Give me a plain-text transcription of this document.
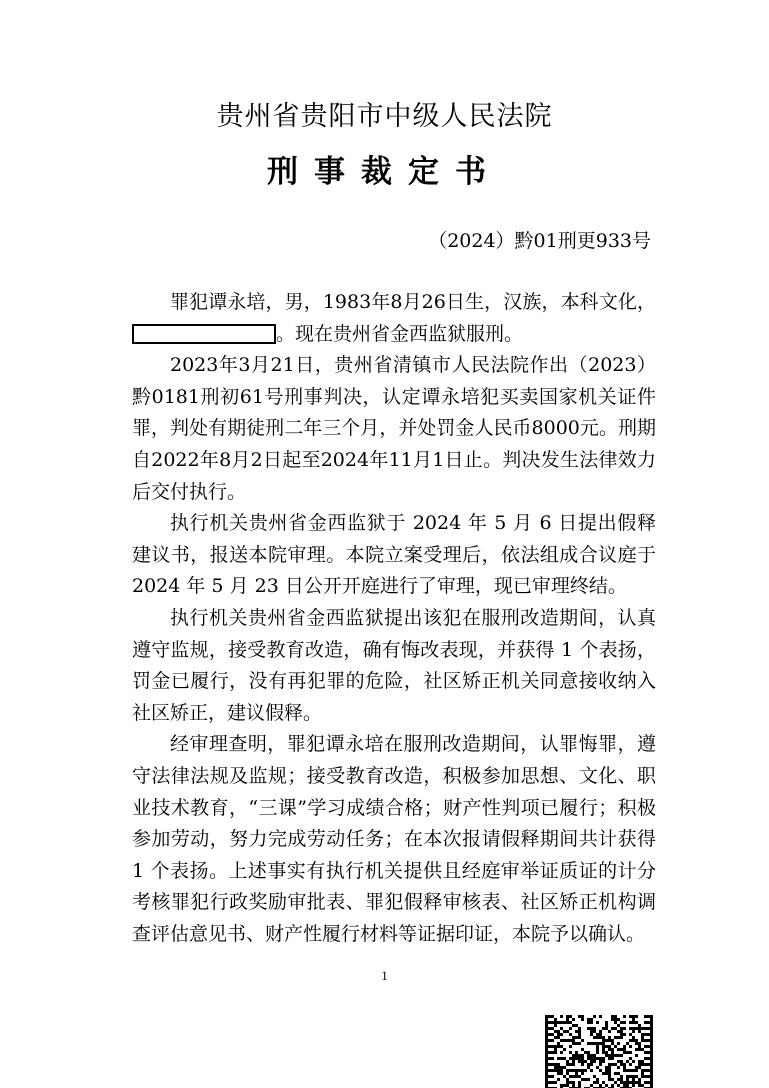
贵州省贵阳市中级人民法院
刑事裁定书
（2024）黔01刑更933号

罪犯谭永培，男，1983年8月26日生，汉族，本科文化，。现在贵州省金西监狱服刑。

2023年3月21日，贵州省清镇市人民法院作出（2023）黔0181刑初61号刑事判决，认定谭永培犯买卖国家机关证件罪，判处有期徒刑二年三个月，并处罚金人民币8000元。刑期自2022年8月2日起至2024年11月1日止。判决发生法律效力后交付执行。

执行机关贵州省金西监狱于 2024 年 5 月 6 日提出假释建议书，报送本院审理。本院立案受理后，依法组成合议庭于 2024 年 5 月 23 日公开开庭进行了审理，现已审理终结。

执行机关贵州省金西监狱提出该犯在服刑改造期间，认真遵守监规，接受教育改造，确有悔改表现，并获得 1 个表扬，罚金已履行，没有再犯罪的危险，社区矫正机关同意接收纳入社区矫正，建议假释。

经审理查明，罪犯谭永培在服刑改造期间，认罪悔罪，遵守法律法规及监规；接受教育改造，积极参加思想、文化、职业技术教育，“三课”学习成绩合格；财产性判项已履行；积极参加劳动，努力完成劳动任务；在本次报请假释期间共计获得 1 个表扬。上述事实有执行机关提供且经庭审举证质证的计分考核罪犯行政奖励审批表、罪犯假释审核表、社区矫正机构调查评估意见书、财产性履行材料等证据印证，本院予以确认。

1
